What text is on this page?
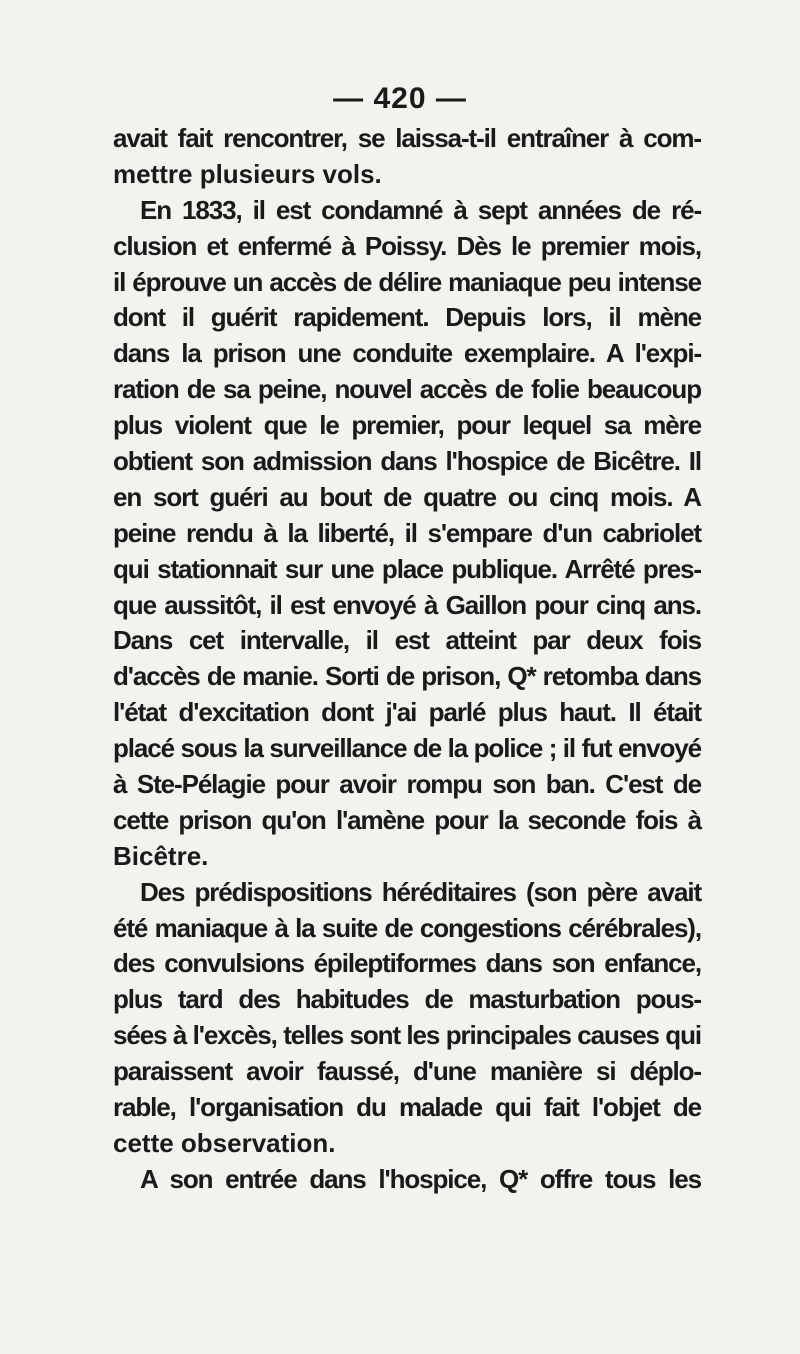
— 420 —
avait fait rencontrer, se laissa-t-il entraîner à com-
mettre plusieurs vols.
En 1833, il est condamné à sept années de ré-
clusion et enfermé à Poissy. Dès le premier mois,
il éprouve un accès de délire maniaque peu intense
dont il guérit rapidement. Depuis lors, il mène
dans la prison une conduite exemplaire. A l'expi-
ration de sa peine, nouvel accès de folie beaucoup
plus violent que le premier, pour lequel sa mère
obtient son admission dans l'hospice de Bicêtre. Il
en sort guéri au bout de quatre ou cinq mois. A
peine rendu à la liberté, il s'empare d'un cabriolet
qui stationnait sur une place publique. Arrêté pres-
que aussitôt, il est envoyé à Gaillon pour cinq ans.
Dans cet intervalle, il est atteint par deux fois
d'accès de manie. Sorti de prison, Q* retomba dans
l'état d'excitation dont j'ai parlé plus haut. Il était
placé sous la surveillance de la police ; il fut envoyé
à Ste-Pélagie pour avoir rompu son ban. C'est de
cette prison qu'on l'amène pour la seconde fois à
Bicêtre.
Des prédispositions héréditaires (son père avait
été maniaque à la suite de congestions cérébrales),
des convulsions épileptiformes dans son enfance,
plus tard des habitudes de masturbation pous-
sées à l'excès, telles sont les principales causes qui
paraissent avoir faussé, d'une manière si déplo-
rable, l'organisation du malade qui fait l'objet de
cette observation.
A son entrée dans l'hospice, Q* offre tous les
